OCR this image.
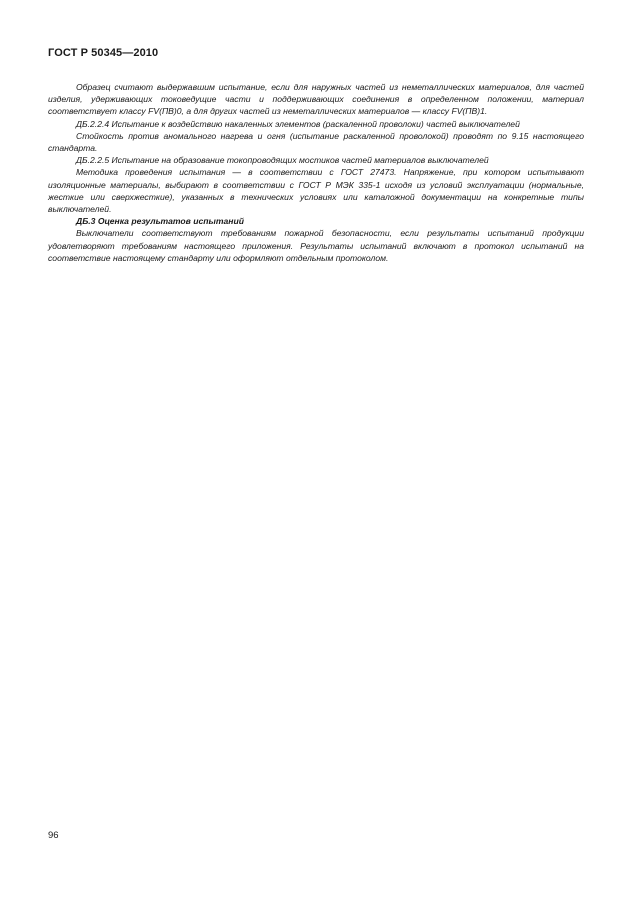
ГОСТ Р 50345—2010

Образец считают выдержавшим испытание, если для наружных частей из неметаллических материалов, для частей изделия, удерживающих токоведущие части и поддерживающих соединения в определенном положении, материал соответствует классу FV(ПВ)0, а для других частей из неметаллических материалов — классу FV(ПВ)1.

ДБ.2.2.4 Испытание к воздействию накаленных элементов (раскаленной проволоки) частей выключателей

Стойкость против аномального нагрева и огня (испытание раскаленной проволокой) проводят по 9.15 настоящего стандарта.

ДБ.2.2.5 Испытание на образование токопроводящих мостиков частей материалов выключателей

Методика проведения испытания — в соответствии с ГОСТ 27473. Напряжение, при котором испытывают изоляционные материалы, выбирают в соответствии с ГОСТ Р МЭК 335-1 исходя из условий эксплуатации (нормальные, жесткие или сверхжесткие), указанных в технических условиях или каталожной документации на конкретные типы выключателей.

ДБ.3 Оценка результатов испытаний

Выключатели соответствуют требованиям пожарной безопасности, если результаты испытаний продукции удовлетворяют требованиям настоящего приложения. Результаты испытаний включают в протокол испытаний на соответствие настоящему стандарту или оформляют отдельным протоколом.

96
